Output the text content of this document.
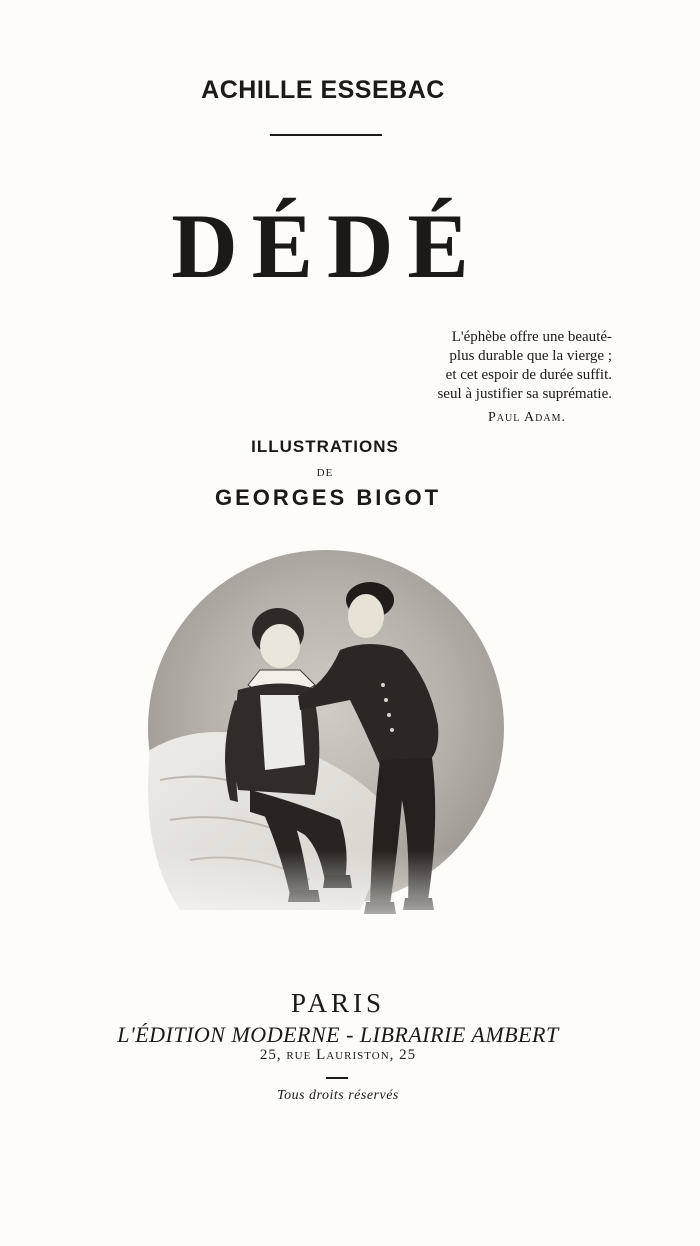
ACHILLE ESSEBAC
DÉDÉ
L'éphèbe offre une beauté-
plus durable que la vierge ;
et cet espoir de durée suffit.
seul à justifier sa suprématie.
Paul Adam.
ILLUSTRATIONS
DE
GEORGES BIGOT
PARIS
L'ÉDITION MODERNE - LIBRAIRIE AMBERT
25, rue Lauriston, 25
Tous droits réservés
